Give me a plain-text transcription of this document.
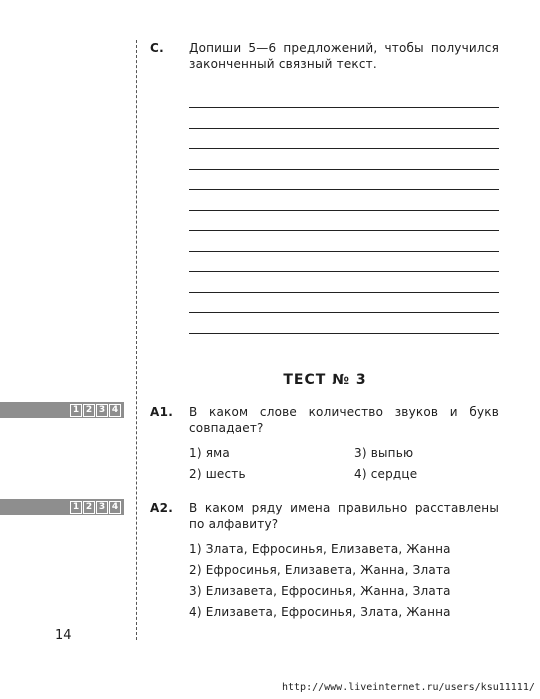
C. Допиши 5—6 предложений, чтобы получился законченный связный текст.
ТЕСТ № 3
1 2 3 4
1 2 3 4
A1. В каком слове количество звуков и букв совпадает?
1) яма	3) выпью
2) шесть	4) сердце
A2. В каком ряду имена правильно расставлены по алфавиту?
1) Злата, Ефросинья, Елизавета, Жанна
2) Ефросинья, Елизавета, Жанна, Злата
3) Елизавета, Ефросинья, Жанна, Злата
4) Елизавета, Ефросинья, Злата, Жанна
14
http://www.liveinternet.ru/users/ksu11111/
